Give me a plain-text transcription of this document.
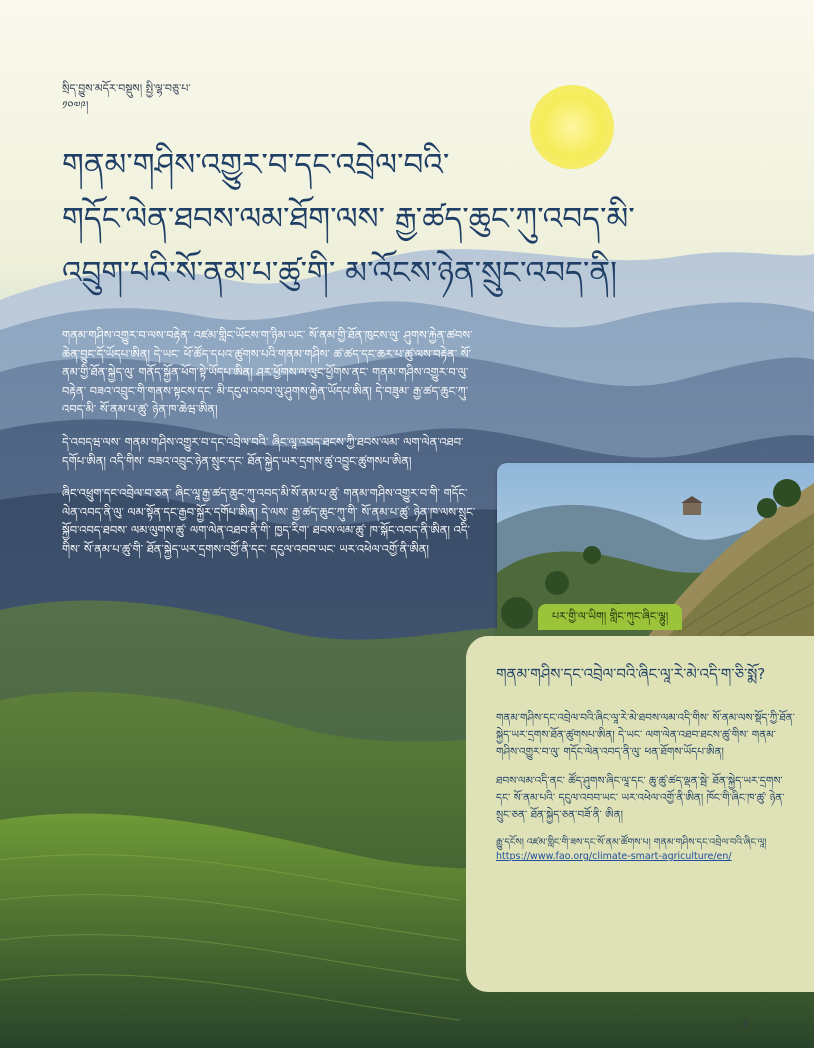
སྲིད་བྱུས་མདོར་བསྡུས། སྤྱི་ལྷ་བཅུ་པ་
༡༠༧༩།
གནམ་གཤིས་འགྱུར་བ་དང་འབྲེལ་བའི་
གདོང་ལེན་ཐབས་ལམ་ཐོག་ལས་ རྒྱ་ཚད་ཆུང་ཀུ་འབད་མི་
འབྲུག་པའི་སོ་ནམ་པ་ཚུ་གི་ མ་འོངས་ཉེན་སྲུང་འབད་ནི།

གནམ་གཤིས་འགྱུར་བ་ལས་བརྟེན་ འཛམ་གླིང་ཡོངས་ག་ཉིམ་ཡང་ སོ་ནམ་གྱི་ཐོན་ཁུངས་ལུ་ ཤུགས་རྐྱེན་ཚབས་ཆེན་བྱུང་དོ་ཡོདཔ་ཨིན། དེ་ཡང་ ཕོ་ཚོད་དཔའ་ཚུགས་པའི་གནམ་གཤིས་ ཚ་ཚད་དང་ཆར་པ་ཚུ་ལས་བརྟེན་ སོ་ནམ་གྱི་ཐོན་སྐྱེད་ལུ་ གནོད་སྐྱོན་ཕོག་སྟེ་ཡོདཔ་ཨིན། ཤར་ཕྱོགས་ལ་ལུང་ཕྱོགས་ནང་ གནམ་གཤིས་འགྱུར་བ་ལུ་བརྟེན་ བཟའ་འབྲུང་གི་གནས་སྟངས་དང་ མི་དངུལ་འབབ་ལུ་ཤུགས་རྐྱེན་ཡོདཔ་ཨིན། དེ་བཟུམ་ རྒྱ་ཚད་ཆུང་ཀུ་འབད་མི་ སོ་ནམ་པ་ཚུ་ ཉེན་ཁ་ཆེཝ་ཨིན།

དེ་འབདཝ་ལས་ གནམ་གཤིས་འགྱུར་བ་དང་འབྲེལ་བའི་ ཞིང་ལཱ་འབད་ཐངས་ཀྱི་ཐབས་ལམ་ ལག་ལེན་འཐབ་དགོཔ་ཨིན། འདི་གིས་ བཟའ་འབྲུང་ཉེན་སྲུང་དང་ ཐོན་སྐྱེད་ཡར་དྲགས་ཚུ་འབྱུང་ཚུགསཔ་ཨིན།

ཞིང་འཕྲུག་དང་འབྲེལ་བ་ཅན་ ཞིང་ལཱ་རྒྱ་ཚད་ཆུང་ཀུ་འབད་མི་སོ་ནམ་པ་ཚུ་ གནམ་གཤིས་འགྱུར་བ་གི་ གདོང་ལེན་འབད་ནི་ལུ་ ལམ་སྟོན་དང་རྒྱབ་སྐྱོར་དགོཔ་ཨིན། དེ་ལས་ རྒྱ་ཚད་ཆུང་ཀུ་གི་ སོ་ནམ་པ་ཚུ་ ཉེན་ཁ་ལས་སྲུང་སྐྱོབ་འབད་ཐབས་ ལམ་ལུགས་ཚུ་ ལག་ལེན་འཐབ་ནི་གི་ ཁྱད་རིག་ ཐབས་ལམ་ཚུ་ ཁ་སྐོང་འབད་ནི་ཨིན། འདི་གིས་ སོ་ནམ་པ་ཚུ་གི་ ཐོན་སྐྱེད་ཡར་དྲགས་འགྱོ་ནི་དང་ དངུལ་འབབ་ཡང་ ཡར་འཕེལ་འགྱོ་ནི་ཨིན།

པར་གྱི་ལ་ཡིག། གླིང་ཀུང་ཞིང་ལྷུ།
གནམ་གཤིས་དང་འབྲེལ་བའི་ཞིང་ལཱ་རེ་མེ་འདི་ག་ཅི་སྨོ?

གནམ་གཤིས་དང་འབྲེལ་བའི་ཞིང་ལཱ་རེ་མེ་ཐབས་ལམ་འདི་གིས་ སོ་ནམ་ལས་སྡོད་ཀྱི་ཐོན་སྐྱེད་ཡར་དྲགས་ཐོན་ཚུགསཔ་ཨིན། དེ་ཡང་ ལག་ལེན་འཐབ་ཐངས་ཚུ་གིས་ གནམ་གཤིས་འགྱུར་བ་ལུ་ གདོང་ལེན་འབད་ནི་ལུ་ ཕན་ཐོགས་ཡོདཔ་ཨིན།

ཐབས་ལམ་འདི་ནང་ ཚོད་ཤུགས་ཞིང་ལཱ་དང་ ཆུ་ཚུ་ཚད་ལྡན་སྦེ་ ཐོན་སྐྱེད་ཡར་དྲགས་དང་ སོ་ནམ་པའི་ དངུལ་འབབ་ཡང་ ཡར་འཕེལ་འགྱོ་ནི་ཨིན། ཁོང་གི་ཞིང་ཁ་ཚུ་ ཉེན་སྲུང་ཅན་ ཐོན་སྐྱེད་ཅན་བཟོ་ནི་ ཨིན།

རྒྱུ་དངོས། འཛམ་གླིང་གི་ཟས་དང་སོ་ནམ་ཚོགས་པ། གནམ་གཤིས་དང་འབྲེལ་བའི་ཞིང་ལཱ། https://www.fao.org/climate-smart-agriculture/en/
1
